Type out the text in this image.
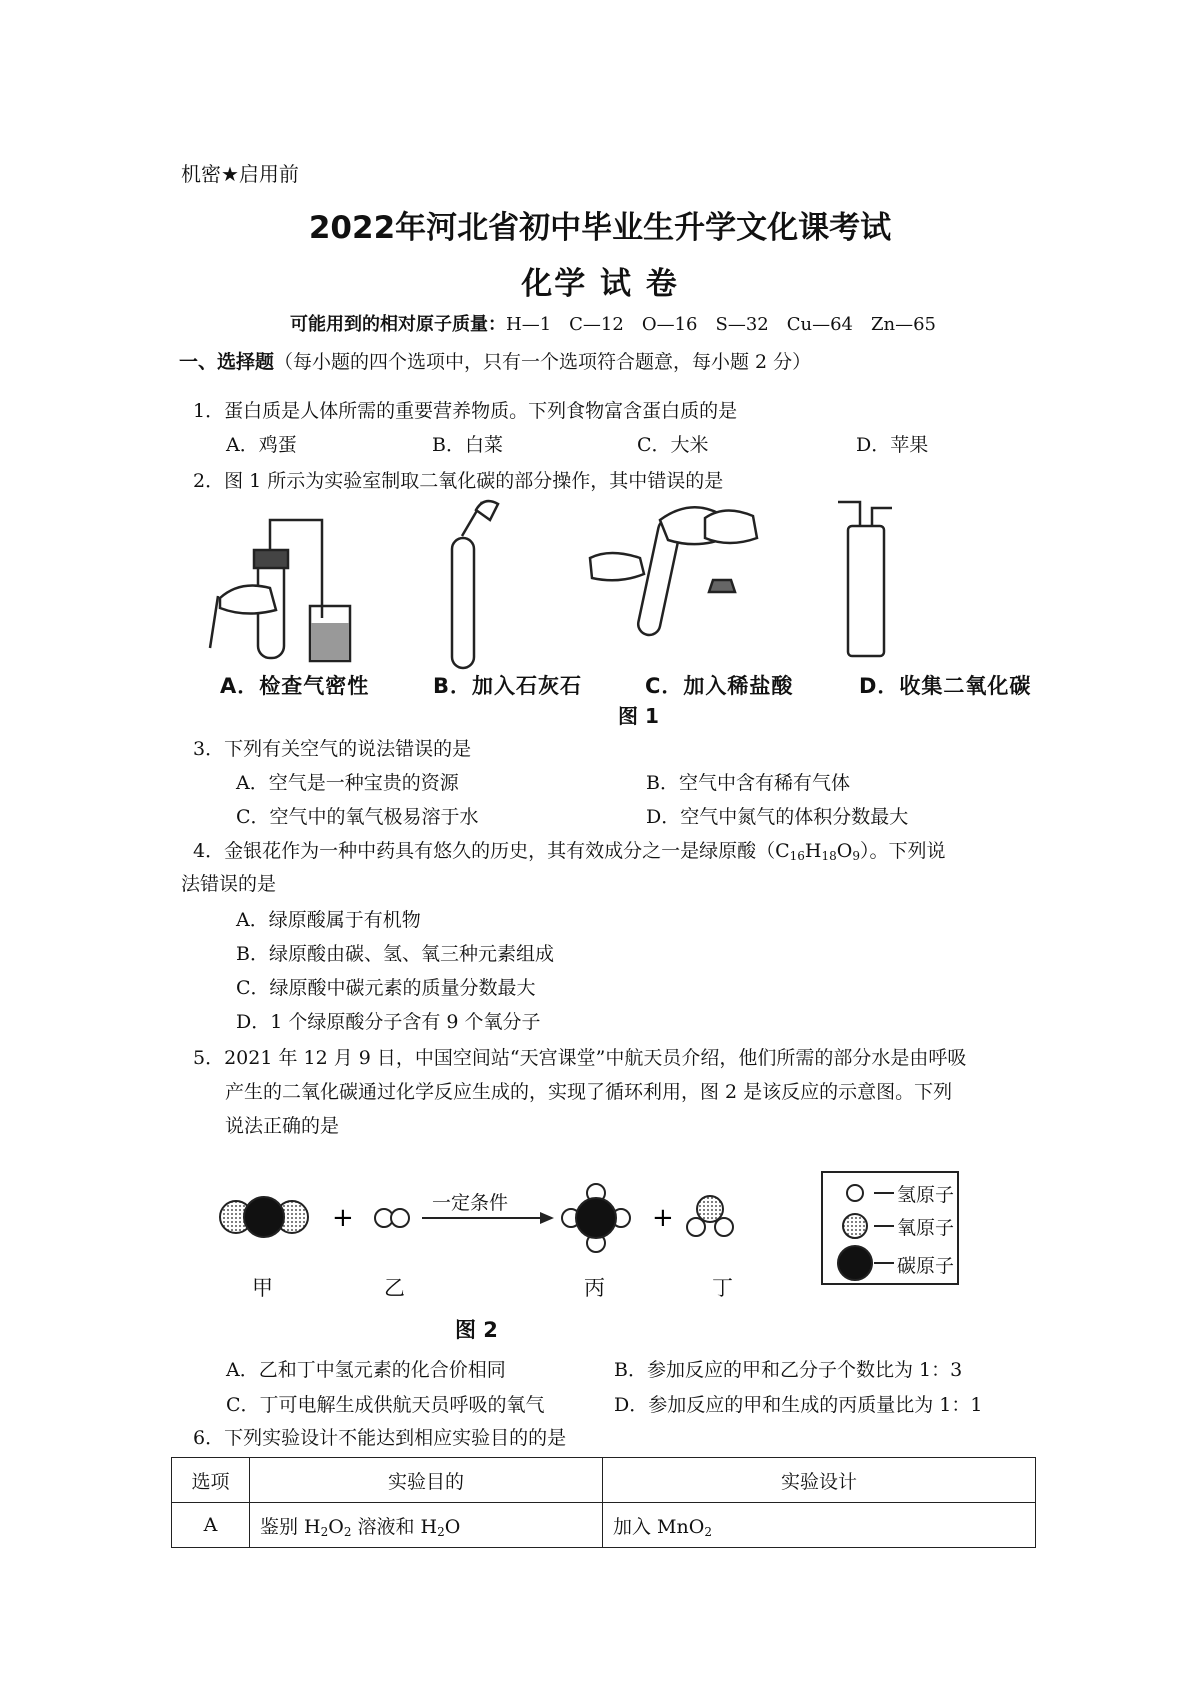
机密★启用前
2022年河北省初中毕业生升学文化课考试
化学 试 卷
可能用到的相对原子质量：H—1　C—12　O—16　S—32　Cu—64　Zn—65
一、选择题（每小题的四个选项中，只有一个选项符合题意，每小题 2 分）
1．蛋白质是人体所需的重要营养物质。下列食物富含蛋白质的是
A．鸡蛋	B．白菜	C．大米	D．苹果
2．图 1 所示为实验室制取二氧化碳的部分操作，其中错误的是
A．检查气密性	B．加入石灰石	C．加入稀盐酸	D．收集二氧化碳
图 1
3．下列有关空气的说法错误的是
A．空气是一种宝贵的资源	B．空气中含有稀有气体
C．空气中的氧气极易溶于水	D．空气中氮气的体积分数最大
4．金银花作为一种中药具有悠久的历史，其有效成分之一是绿原酸$(C_{16}H_{18}O_9)$。下列说
法错误的是
A．绿原酸属于有机物
B．绿原酸由碳、氢、氧三种元素组成
C．绿原酸中碳元素的质量分数最大
D．1 个绿原酸分子含有 9 个氧分子
5．2021 年 12 月 9 日，中国空间站“天宫课堂”中航天员介绍，他们所需的部分水是由呼吸
产生的二氧化碳通过化学反应生成的，实现了循环利用，图 2 是该反应的示意图。下列
说法正确的是
+	+
一定条件
甲	乙	丙	丁
氢原子
氧原子
碳原子
图 2
A．乙和丁中氢元素的化合价相同	B．参加反应的甲和乙分子个数比为 1：3
C．丁可电解生成供航天员呼吸的氧气	D．参加反应的甲和生成的丙质量比为 1：1
6．下列实验设计不能达到相应实验目的的是
选项	实验目的	实验设计
A	鉴别 $H_2O_2$ 溶液和 $H_2O$	加入 MnO$_2$
